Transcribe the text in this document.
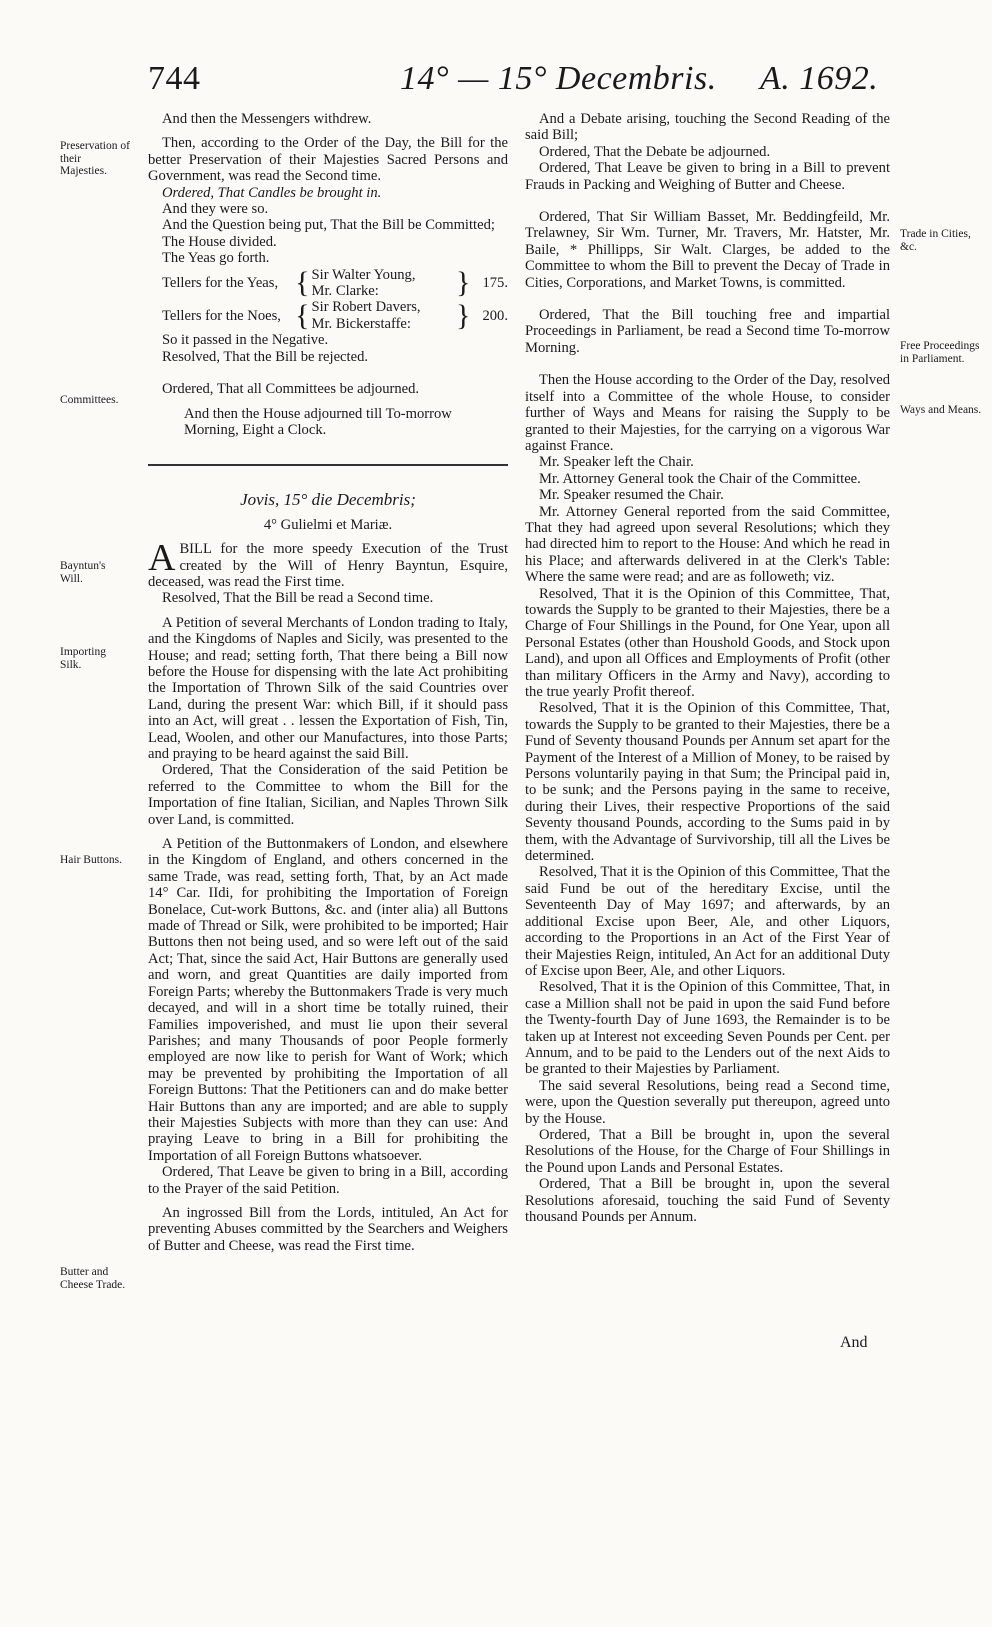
744	14° — 15° Decembris. A. 1692.
Preservation of their Majesties.
Committees.
Bayntun's Will.
Importing Silk.
Hair Buttons.
Butter and Cheese Trade.
Trade in Cities, &c.
Free Proceedings in Parliament.
Ways and Means.

And then the Messengers withdrew.

Then, according to the Order of the Day, the Bill for the better Preservation of their Majesties Sacred Persons and Government, was read the Second time.

Ordered, That Candles be brought in.

And they were so.

And the Question being put, That the Bill be Committed;

The House divided.

The Yeas go forth.

Tellers for the Yeas, { Sir Walter Young,
Mr. Clarke:	} 175.
Tellers for the Noes, { Sir Robert Davers,
Mr. Bickerstaffe:	} 200.

So it passed in the Negative.

Resolved, That the Bill be rejected.

Ordered, That all Committees be adjourned.

And then the House adjourned till To-morrow Morning, Eight a Clock.

Jovis, 15° die Decembris;

4° Gulielmi et Mariæ.

ABILL for the more speedy Execution of the Trust created by the Will of Henry Bayntun, Esquire, deceased, was read the First time.

Resolved, That the Bill be read a Second time.

A Petition of several Merchants of London trading to Italy, and the Kingdoms of Naples and Sicily, was presented to the House; and read; setting forth, That there being a Bill now before the House for dispensing with the late Act prohibiting the Importation of Thrown Silk of the said Countries over Land, during the present War: which Bill, if it should pass into an Act, will great . . lessen the Exportation of Fish, Tin, Lead, Woolen, and other our Manufactures, into those Parts; and praying to be heard against the said Bill.

Ordered, That the Consideration of the said Petition be referred to the Committee to whom the Bill for the Importation of fine Italian, Sicilian, and Naples Thrown Silk over Land, is committed.

A Petition of the Buttonmakers of London, and elsewhere in the Kingdom of England, and others concerned in the same Trade, was read, setting forth, That, by an Act made 14° Car. IIdi, for prohibiting the Importation of Foreign Bonelace, Cut-work Buttons, &c. and (inter alia) all Buttons made of Thread or Silk, were prohibited to be imported; Hair Buttons then not being used, and so were left out of the said Act; That, since the said Act, Hair Buttons are generally used and worn, and great Quantities are daily imported from Foreign Parts; whereby the Buttonmakers Trade is very much decayed, and will in a short time be totally ruined, their Families impoverished, and must lie upon their several Parishes; and many Thousands of poor People formerly employed are now like to perish for Want of Work; which may be prevented by prohibiting the Importation of all Foreign Buttons: That the Petitioners can and do make better Hair Buttons than any are imported; and are able to supply their Majesties Subjects with more than they can use: And praying Leave to bring in a Bill for prohibiting the Importation of all Foreign Buttons whatsoever.

Ordered, That Leave be given to bring in a Bill, according to the Prayer of the said Petition.

An ingrossed Bill from the Lords, intituled, An Act for preventing Abuses committed by the Searchers and Weighers of Butter and Cheese, was read the First time.

And a Debate arising, touching the Second Reading of the said Bill;

Ordered, That the Debate be adjourned.

Ordered, That Leave be given to bring in a Bill to prevent Frauds in Packing and Weighing of Butter and Cheese.

Ordered, That Sir William Basset, Mr. Beddingfeild, Mr. Trelawney, Sir Wm. Turner, Mr. Travers, Mr. Hatster, Mr. Baile, * Phillipps, Sir Walt. Clarges, be added to the Committee to whom the Bill to prevent the Decay of Trade in Cities, Corporations, and Market Towns, is committed.

Ordered, That the Bill touching free and impartial Proceedings in Parliament, be read a Second time To-morrow Morning.

Then the House according to the Order of the Day, resolved itself into a Committee of the whole House, to consider further of Ways and Means for raising the Supply to be granted to their Majesties, for the carrying on a vigorous War against France.

Mr. Speaker left the Chair.

Mr. Attorney General took the Chair of the Committee.

Mr. Speaker resumed the Chair.

Mr. Attorney General reported from the said Committee, That they had agreed upon several Resolutions; which they had directed him to report to the House: And which he read in his Place; and afterwards delivered in at the Clerk's Table: Where the same were read; and are as followeth; viz.

Resolved, That it is the Opinion of this Committee, That, towards the Supply to be granted to their Majesties, there be a Charge of Four Shillings in the Pound, for One Year, upon all Personal Estates (other than Houshold Goods, and Stock upon Land), and upon all Offices and Employments of Profit (other than military Officers in the Army and Navy), according to the true yearly Profit thereof.

Resolved, That it is the Opinion of this Committee, That, towards the Supply to be granted to their Majesties, there be a Fund of Seventy thousand Pounds per Annum set apart for the Payment of the Interest of a Million of Money, to be raised by Persons voluntarily paying in that Sum; the Principal paid in, to be sunk; and the Persons paying in the same to receive, during their Lives, their respective Proportions of the said Seventy thousand Pounds, according to the Sums paid in by them, with the Advantage of Survivorship, till all the Lives be determined.

Resolved, That it is the Opinion of this Committee, That the said Fund be out of the hereditary Excise, until the Seventeenth Day of May 1697; and afterwards, by an additional Excise upon Beer, Ale, and other Liquors, according to the Proportions in an Act of the First Year of their Majesties Reign, intituled, An Act for an additional Duty of Excise upon Beer, Ale, and other Liquors.

Resolved, That it is the Opinion of this Committee, That, in case a Million shall not be paid in upon the said Fund before the Twenty-fourth Day of June 1693, the Remainder is to be taken up at Interest not exceeding Seven Pounds per Cent. per Annum, and to be paid to the Lenders out of the next Aids to be granted to their Majesties by Parliament.

The said several Resolutions, being read a Second time, were, upon the Question severally put thereupon, agreed unto by the House.

Ordered, That a Bill be brought in, upon the several Resolutions of the House, for the Charge of Four Shillings in the Pound upon Lands and Personal Estates.

Ordered, That a Bill be brought in, upon the several Resolutions aforesaid, touching the said Fund of Seventy thousand Pounds per Annum.

And
